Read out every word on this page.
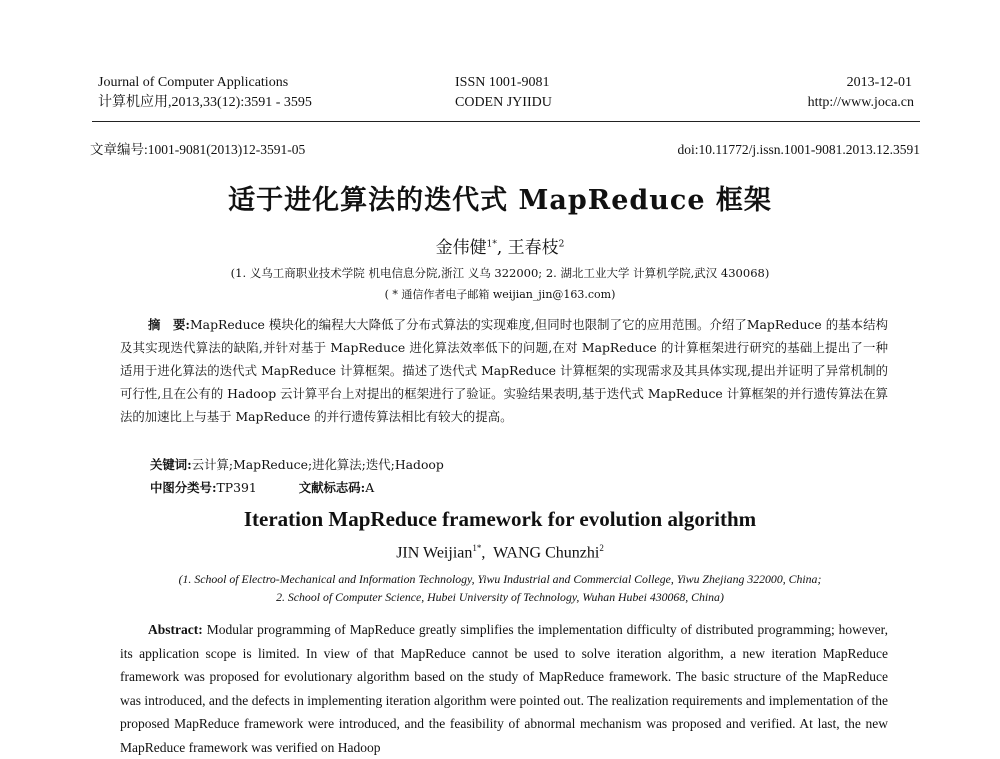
Journal of Computer Applications
计算机应用,2013,33(12):3591 - 3595
ISSN 1001-9081
CODEN JYIIDU
2013-12-01
http://www.joca.cn
文章编号:1001-9081(2013)12-3591-05	doi:10.11772/j.issn.1001-9081.2013.12.3591
适于进化算法的迭代式 MapReduce 框架
金伟健$^{1*}$, 王春枝$^2$
(1. 义乌工商职业技术学院 机电信息分院,浙江 义乌 322000; 2. 湖北工业大学 计算机学院,武汉 430068)
( * 通信作者电子邮箱 weijian_jin@163.com)

摘　要:MapReduce 模块化的编程大大降低了分布式算法的实现难度,但同时也限制了它的应用范围。介绍了MapReduce 的基本结构及其实现迭代算法的缺陷,并针对基于 MapReduce 进化算法效率低下的问题,在对 MapReduce 的计算框架进行研究的基础上提出了一种适用于进化算法的迭代式 MapReduce 计算框架。描述了迭代式 MapReduce 计算框架的实现需求及其具体实现,提出并证明了异常机制的可行性,且在公有的 Hadoop 云计算平台上对提出的框架进行了验证。实验结果表明,基于迭代式 MapReduce 计算框架的并行遗传算法在算法的加速比上与基于 MapReduce 的并行遗传算法相比有较大的提高。

关键词:云计算;MapReduce;进化算法;迭代;Hadoop
中图分类号:TP391	文献标志码:A
Iteration MapReduce framework for evolution algorithm
JIN Weijian$^{1*}$,  WANG Chunzhi$^2$
(1. School of Electro-Mechanical and Information Technology, Yiwu Industrial and Commercial College, Yiwu Zhejiang 322000, China;
2. School of Computer Science, Hubei University of Technology, Wuhan Hubei 430068, China)

Abstract: Modular programming of MapReduce greatly simplifies the implementation difficulty of distributed programming; however, its application scope is limited. In view of that MapReduce cannot be used to solve iteration algorithm, a new iteration MapReduce framework was proposed for evolutionary algorithm based on the study of MapReduce framework. The basic structure of the MapReduce was introduced, and the defects in implementing iteration algorithm were pointed out. The realization requirements and implementation of the proposed MapReduce framework were introduced, and the feasibility of abnormal mechanism was proposed and verified. At last, the new MapReduce framework was verified on Hadoop
